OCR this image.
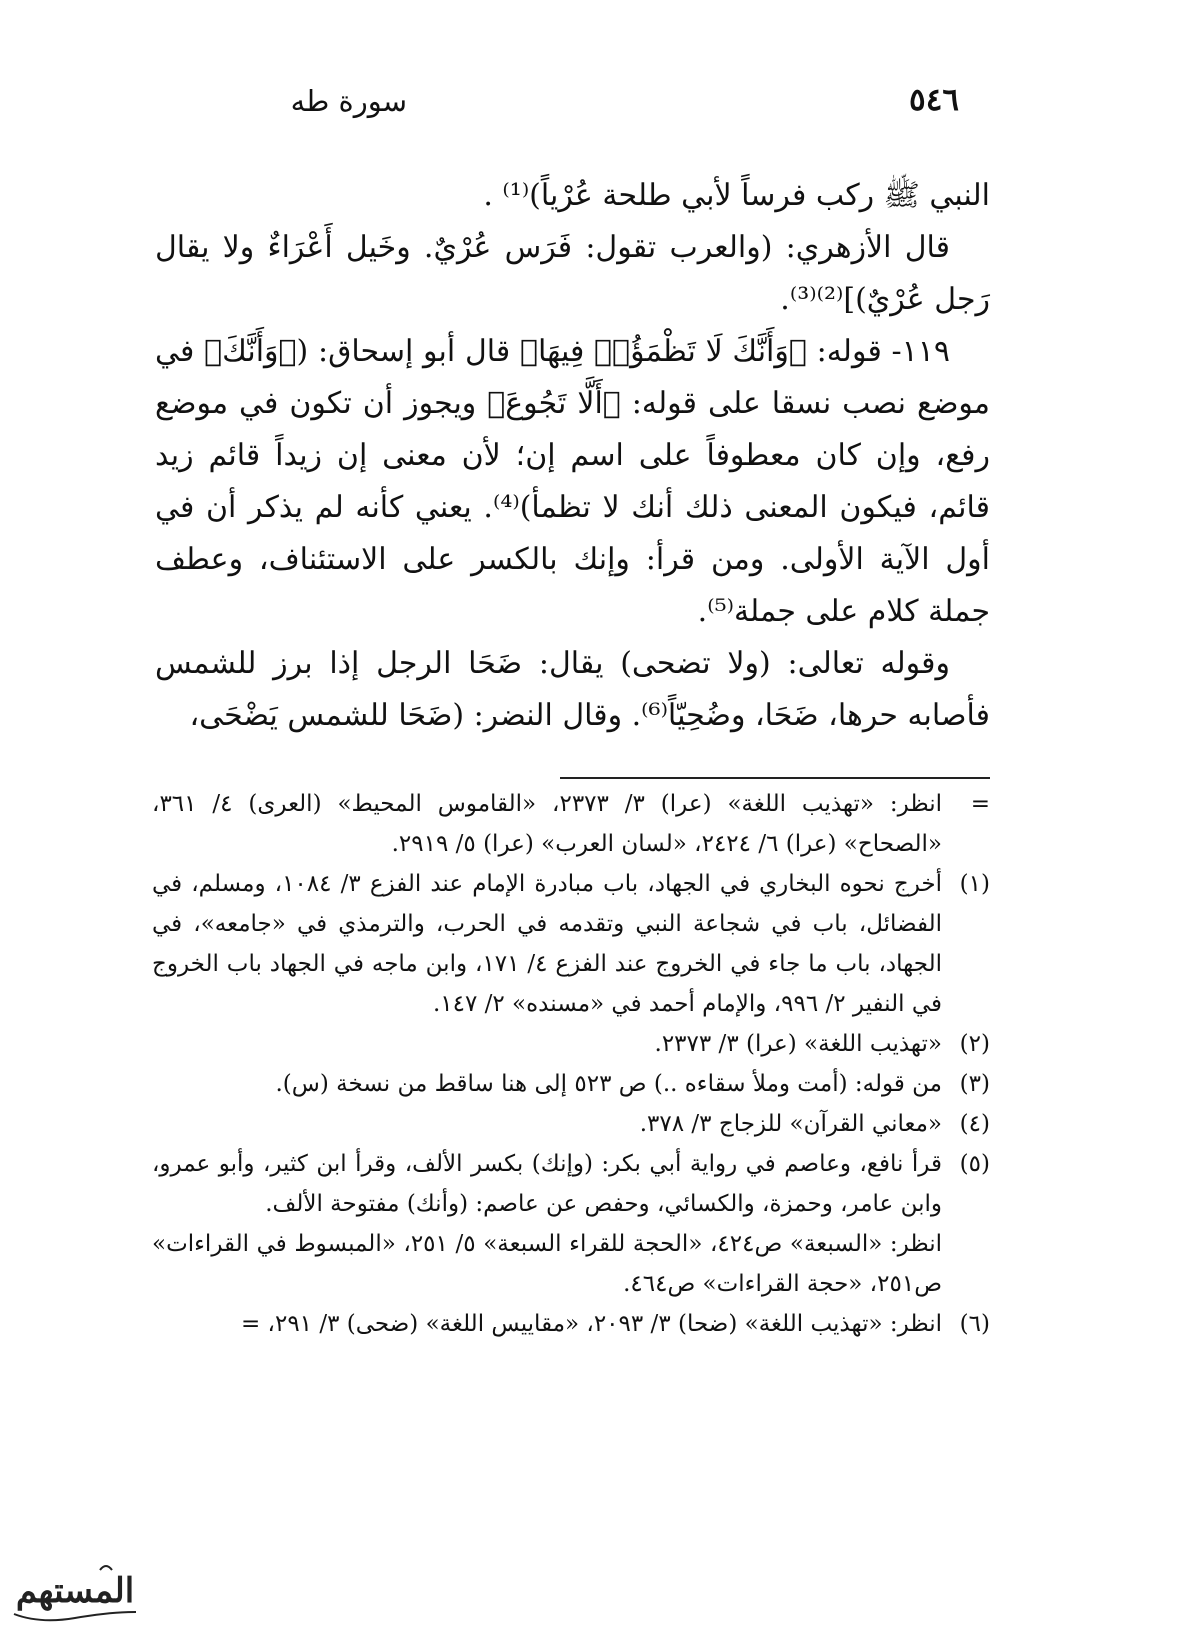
٥٤٦
سورة طه

النبي ﷺ ركب فرساً لأبي طلحة عُرْياً)⁽¹⁾ .

قال الأزهري: (والعرب تقول: فَرَس عُرْيٌ. وخَيل أَعْرَاءٌ ولا يقال رَجل عُرْيٌ)]⁽²⁾⁽³⁾.

١١٩- قوله: ﴿وَأَنَّكَ لَا تَظْمَؤُا۟ فِيهَا﴾ قال أبو إسحاق: (﴿وَأَنَّكَ﴾ في موضع نصب نسقا على قوله: ﴿أَلَّا تَجُوعَ﴾ ويجوز أن تكون في موضع رفع، وإن كان معطوفاً على اسم إن؛ لأن معنى إن زيداً قائم زيد قائم، فيكون المعنى ذلك أنك لا تظمأ)⁽⁴⁾. يعني كأنه لم يذكر أن في أول الآية الأولى. ومن قرأ: وإنك بالكسر على الاستئناف، وعطف جملة كلام على جملة⁽⁵⁾.

وقوله تعالى: (ولا تضحى) يقال: ضَحَا الرجل إذا برز للشمس فأصابه حرها، ضَحَا، وضُحِيّاً⁽⁶⁾. وقال النضر: (ضَحَا للشمس يَضْحَى،

=
انظر: «تهذيب اللغة» (عرا) ٣/ ٢٣٧٣، «القاموس المحيط» (العرى) ٤/ ٣٦١، «الصحاح» (عرا) ٦/ ٢٤٢٤، «لسان العرب» (عرا) ٥/ ٢٩١٩.
(١)
أخرج نحوه البخاري في الجهاد، باب مبادرة الإمام عند الفزع ٣/ ١٠٨٤، ومسلم، في الفضائل، باب في شجاعة النبي وتقدمه في الحرب، والترمذي في «جامعه»، في الجهاد، باب ما جاء في الخروج عند الفزع ٤/ ١٧١، وابن ماجه في الجهاد باب الخروج في النفير ٢/ ٩٩٦، والإمام أحمد في «مسنده» ٢/ ١٤٧.
(٢)
«تهذيب اللغة» (عرا) ٣/ ٢٣٧٣.
(٣)
من قوله: (أمت وملأ سقاءه ..) ص ٥٢٣ إلى هنا ساقط من نسخة (س).
(٤)
«معاني القرآن» للزجاج ٣/ ٣٧٨.
(٥)
قرأ نافع، وعاصم في رواية أبي بكر: (وإنك) بكسر الألف، وقرأ ابن كثير، وأبو عمرو، وابن عامر، وحمزة، والكسائي، وحفص عن عاصم: (وأنك) مفتوحة الألف.
انظر: «السبعة» ص٤٢٤، «الحجة للقراء السبعة» ٥/ ٢٥١، «المبسوط في القراءات» ص٢٥١، «حجة القراءات» ص٤٦٤.
(٦)
انظر: «تهذيب اللغة» (ضحا) ٣/ ٢٠٩٣، «مقاييس اللغة» (ضحى) ٣/ ٢٩١، =
المستهم
